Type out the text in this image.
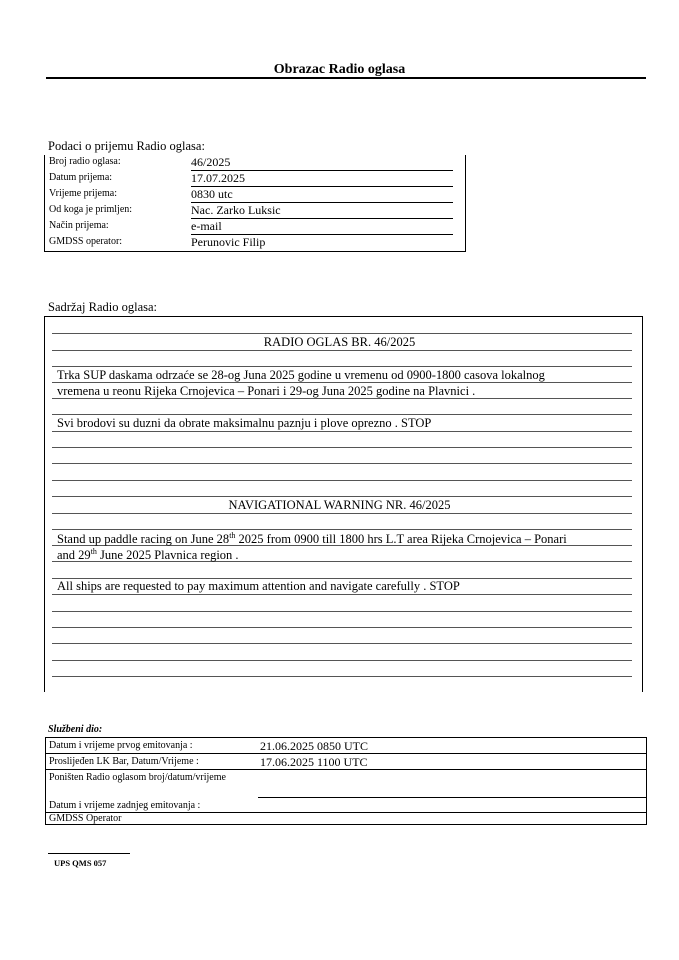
Obrazac Radio oglasa
Podaci o prijemu Radio oglasa:
Broj radio oglasa:	46/2025
Datum prijema:	17.07.2025
Vrijeme prijema:	0830 utc
Od koga je primljen:	Nac. Zarko Luksic
Način prijema:	e-mail
GMDSS operator:	Perunovic Filip
Sadržaj Radio oglasa:
RADIO OGLAS BR. 46/2025
Trka SUP daskama odrzaće se 28-og Juna 2025 godine u vremenu od 0900-1800 casova lokalnog
vremena u reonu Rijeka Crnojevica – Ponari i 29-og Juna 2025 godine na Plavnici .
Svi brodovi su duzni da obrate maksimalnu paznju i plove oprezno . STOP
NAVIGATIONAL WARNING NR. 46/2025
Stand up paddle racing on June 28th 2025 from 0900 till 1800 hrs L.T area Rijeka Crnojevica – Ponari
and 29th June 2025 Plavnica region .
All ships are requested to pay maximum attention and navigate carefully . STOP
Službeni dio:
Datum i vrijeme prvog emitovanja :	21.06.2025 0850 UTC
Proslijeđen LK Bar, Datum/Vrijeme :	17.06.2025 1100 UTC
Poništen Radio oglasom broj/datum/vrijeme
Datum i vrijeme zadnjeg emitovanja :
GMDSS Operator
UPS QMS 057
